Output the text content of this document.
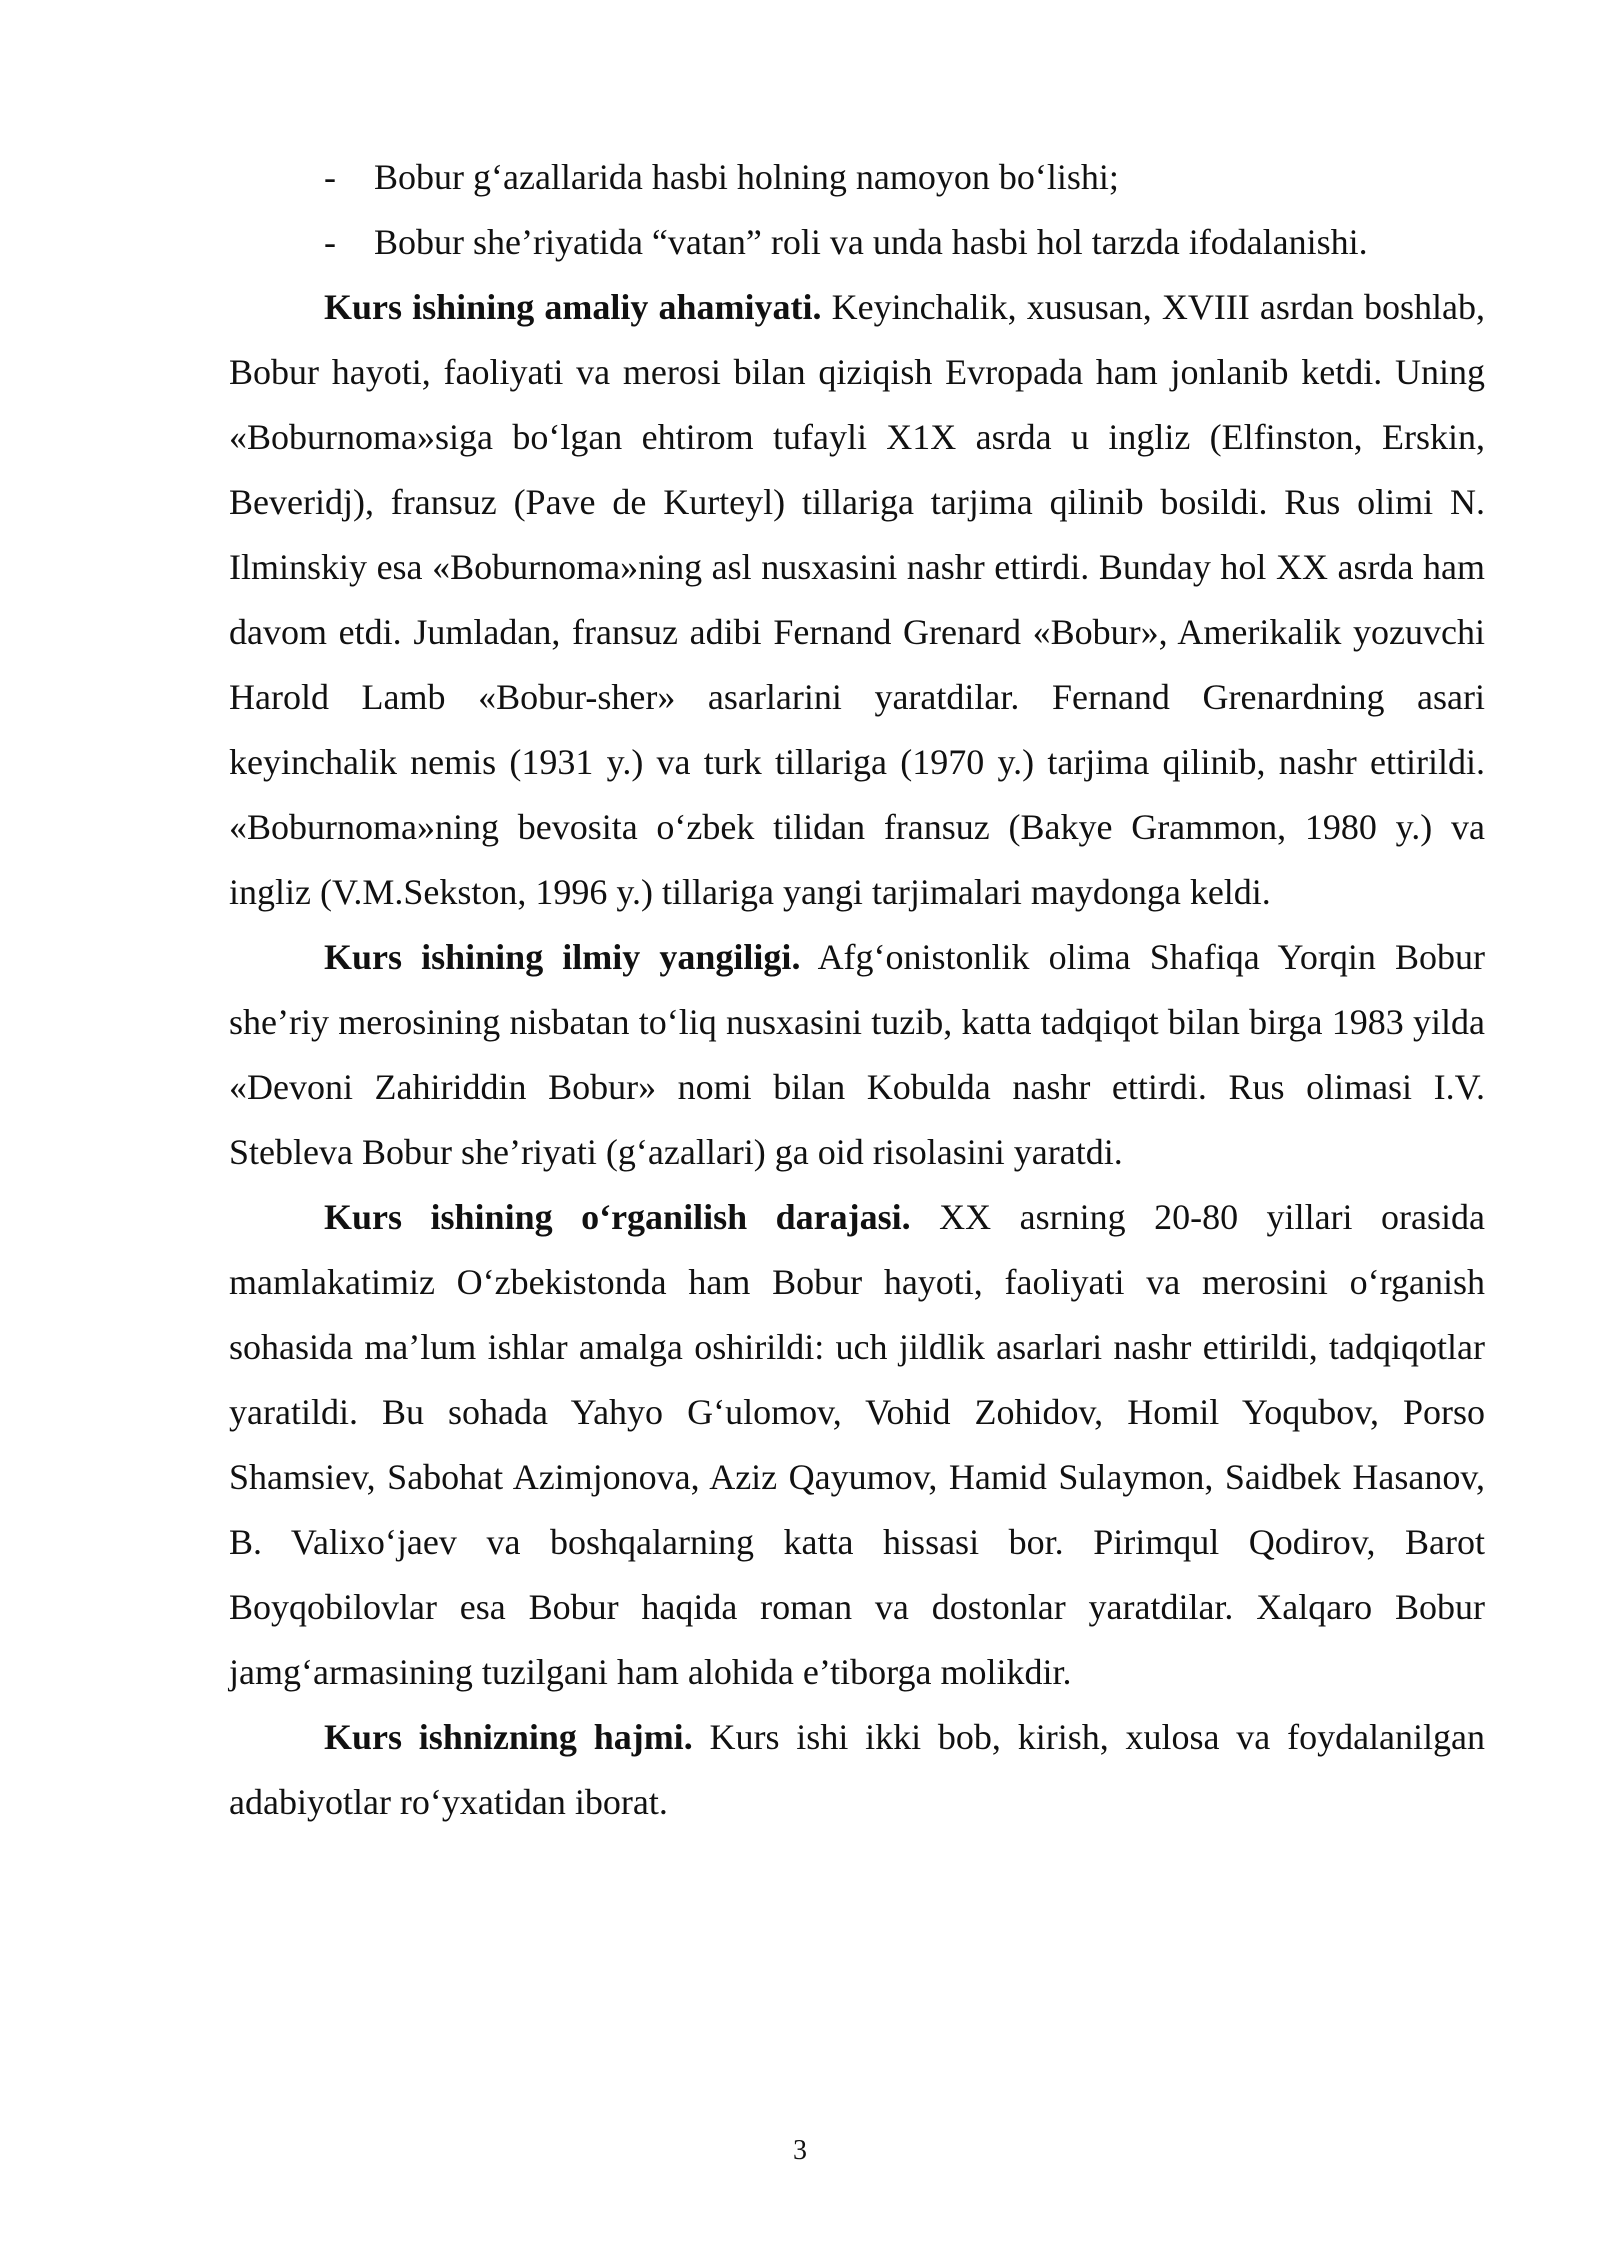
- Bobur g‘azallarida hasbi holning namoyon bo‘lishi;

- Bobur she’riyatida “vatan” roli va unda hasbi hol tarzda ifodalanishi.

Kurs ishining amaliy ahamiyati. Keyinchalik, xususan, XVIII asrdan boshlab, Bobur hayoti, faoliyati va merosi bilan qiziqish Evropada ham jonlanib ketdi. Uning «Boburnoma»siga bo‘lgan ehtirom tufayli X1X asrda u ingliz (Elfinston, Erskin, Beveridj), fransuz (Pave de Kurteyl) tillariga tarjima qilinib bosildi. Rus olimi N. Ilminskiy esa «Boburnoma»ning asl nusxasini nashr ettirdi. Bunday hol XX asrda ham davom etdi. Jumladan, fransuz adibi Fernand Grenard «Bobur», Amerikalik yozuvchi Harold Lamb «Bobur-sher» asarlarini yaratdilar. Fernand Grenardning asari keyinchalik nemis (1931 y.) va turk tillariga (1970 y.) tarjima qilinib, nashr ettirildi. «Boburnoma»ning bevosita o‘zbek tilidan fransuz (Bakye Grammon, 1980 y.) va ingliz (V.M.Sekston, 1996 y.) tillariga yangi tarjimalari maydonga keldi.

Kurs ishining ilmiy yangiligi. Afg‘onistonlik olima Shafiqa Yorqin Bobur she’riy merosining nisbatan to‘liq nusxasini tuzib, katta tadqiqot bilan birga 1983 yilda «Devoni Zahiriddin Bobur» nomi bilan Kobulda nashr ettirdi. Rus olimasi I.V. Stebleva Bobur she’riyati (g‘azallari) ga oid risolasini yaratdi.

Kurs ishining o‘rganilish darajasi. XX asrning 20-80 yillari orasida mamlakatimiz O‘zbekistonda ham Bobur hayoti, faoliyati va merosini o‘rganish sohasida ma’lum ishlar amalga oshirildi: uch jildlik asarlari nashr ettirildi, tadqiqotlar yaratildi. Bu sohada Yahyo G‘ulomov, Vohid Zohidov, Homil Yoqubov, Porso Shamsiev, Sabohat Azimjonova, Aziz Qayumov, Hamid Sulaymon, Saidbek Hasanov, B. Valixo‘jaev va boshqalarning katta hissasi bor. Pirimqul Qodirov, Barot Boyqobilovlar esa Bobur haqida roman va dostonlar yaratdilar. Xalqaro Bobur jamg‘armasining tuzilgani ham alohida e’tiborga molikdir.

Kurs ishnizning hajmi. Kurs ishi ikki bob, kirish, xulosa va foydalanilgan adabiyotlar ro‘yxatidan iborat.

3
